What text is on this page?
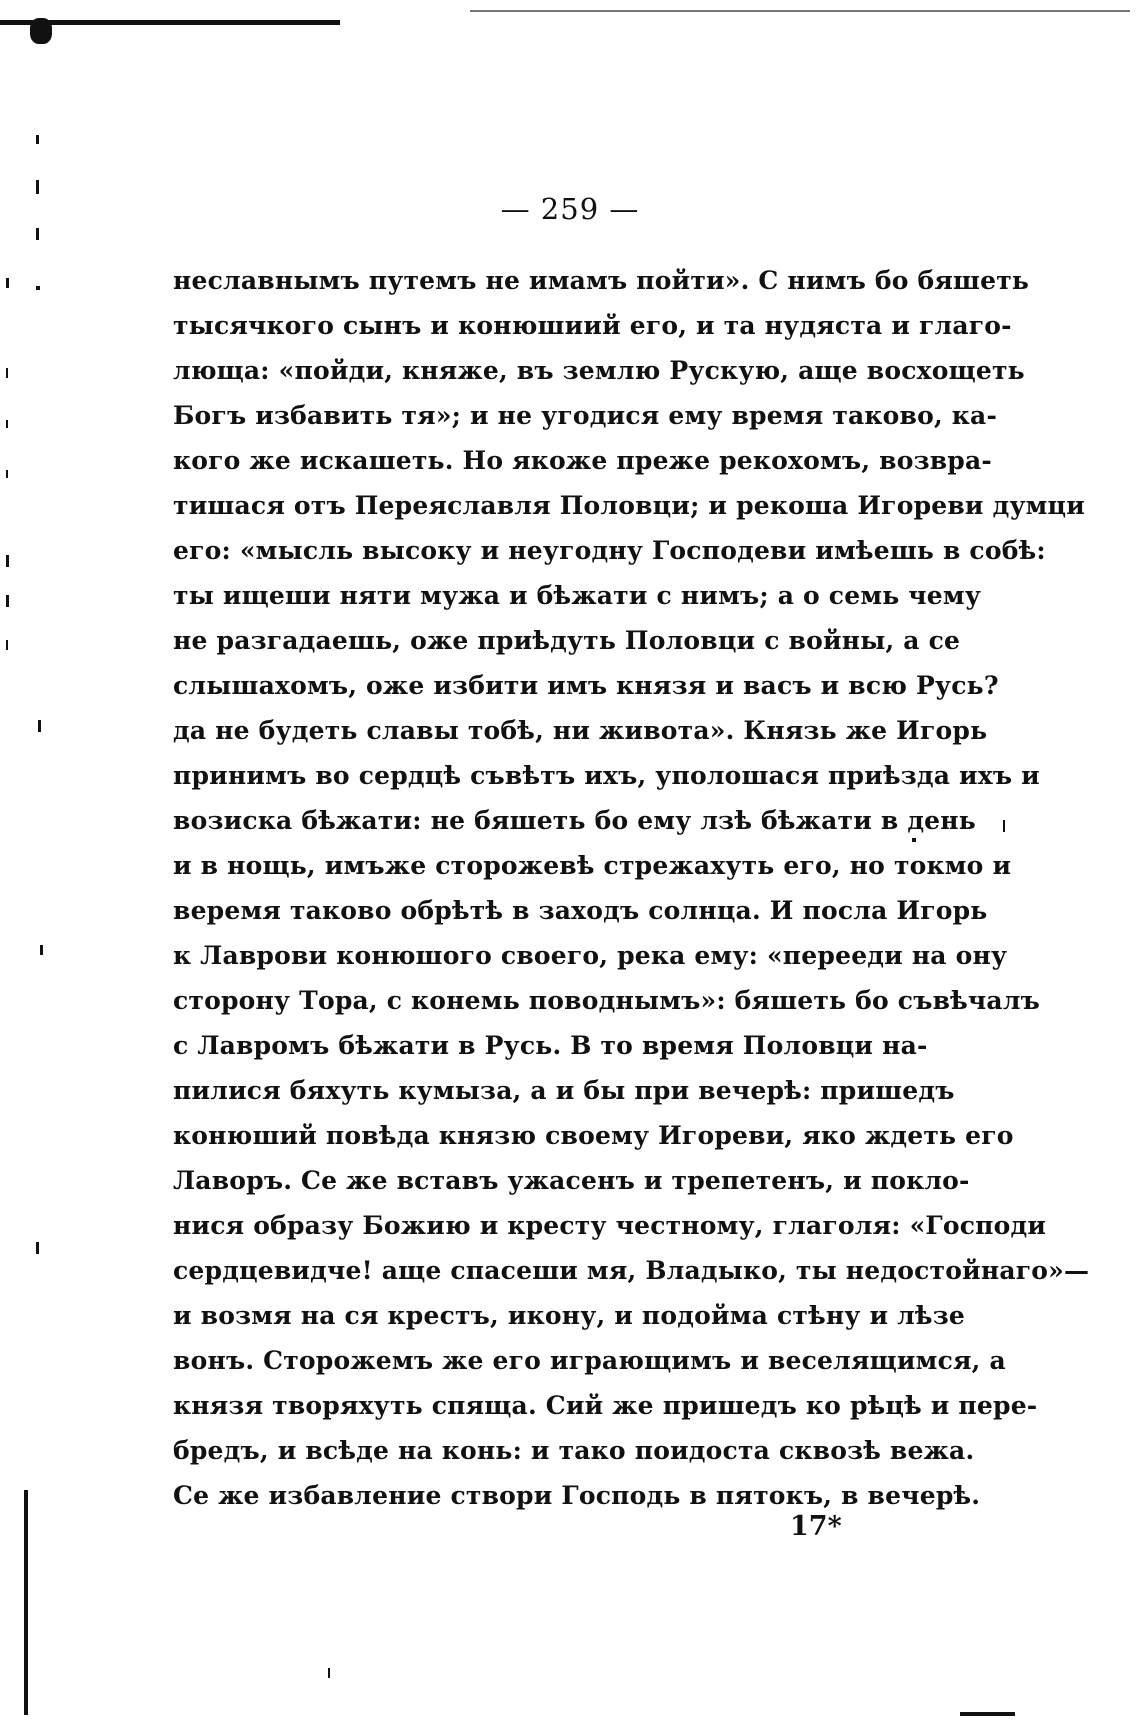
— 259 —
неславнымъ путемъ не имамъ пойти». С нимъ бо бяшеть
тысячкого сынъ и конюшиий его, и та нудяста и глаго-
люща: «пойди, княже, въ землю Рускую, аще восхощеть
Богъ избавить тя»; и не угодися ему время таково, ка-
кого же искашеть. Но якоже преже рекохомъ, возвра-
тишася отъ Переяславля Половци; и рекоша Игореви думци
его: «мысль высоку и неугодну Господеви имѣешь в собѣ:
ты ищеши няти мужа и бѣжати с нимъ; а о семь чему
не разгадаешь, оже приѣдуть Половци с войны, а се
слышахомъ, оже избити имъ князя и васъ и всю Русь?
да не будеть славы тобѣ, ни живота». Князь же Игорь
принимъ во сердцѣ съвѣтъ ихъ, уполошася приѣзда ихъ и
возиска бѣжати: не бяшеть бо ему лзѣ бѣжати в день
и в нощь, имъже сторожевѣ стрежахуть его, но токмо и
веремя таково обрѣтѣ в заходъ солнца. И посла Игорь
к Лаврови конюшого своего, река ему: «перееди на ону
сторону Тора, с конемь поводнымъ»: бяшеть бо съвѣчалъ
с Лавромъ бѣжати в Русь. В то время Половци на-
пилися бяхуть кумыза, а и бы при вечерѣ: пришедъ
конюший повѣда князю своему Игореви, яко ждеть его
Лаворъ. Се же вставъ ужасенъ и трепетенъ, и покло-
нися образу Божию и кресту честному, глаголя: «Господи
сердцевидче! аще спасеши мя, Владыко, ты недостойнаго»—
и возмя на ся крестъ, икону, и подойма стѣну и лѣзе
вонъ. Сторожемъ же его играющимъ и веселящимся, а
князя творяхуть спяща. Сий же пришедъ ко рѣцѣ и пере-
бредъ, и всѣде на конь: и тако поидоста сквозѣ вежа.
Се же избавление створи Господь в пятокъ, в вечерѣ.
17*
